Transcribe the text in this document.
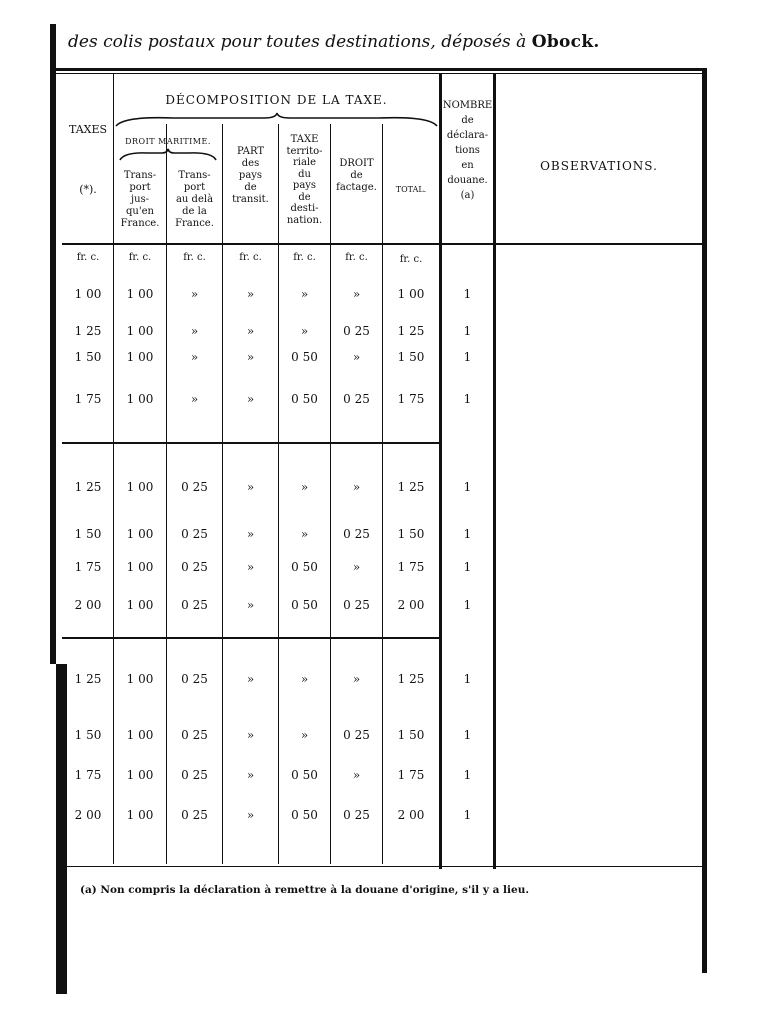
des colis postaux pour toutes destinations, déposés à Obock.
TAXES
(*).
DÉCOMPOSITION DE LA TAXE.
DROIT MARITIME.
Trans-
port
jus-
qu'en
France.
Trans-
port
au delà
de la
France.
PART
des
pays
de
transit.
TAXE
territo-
riale
du
pays
de
desti-
nation.
DROIT
de
factage.	TOTAL.
NOMBRE
de
déclara-
tions
en
douane.
(a)
OBSERVATIONS.
fr. c.	fr. c.	fr. c.	fr. c.	fr. c.	fr. c.	fr. c.
1 00	1 00	»	»	»	»	1 00	1
1 25	1 00	»	»	»	0 25	1 25	1
1 50	1 00	»	»	0 50	»	1 50	1
1 75	1 00	»	»	0 50	0 25	1 75	1
1 25	1 00	0 25	»	»	»	1 25	1
1 50	1 00	0 25	»	»	0 25	1 50	1
1 75	1 00	0 25	»	0 50	»	1 75	1
2 00	1 00	0 25	»	0 50	0 25	2 00	1
1 25	1 00	0 25	»	»	»	1 25	1
1 50	1 00	0 25	»	»	0 25	1 50	1
1 75	1 00	0 25	»	0 50	»	1 75	1
2 00	1 00	0 25	»	0 50	0 25	2 00	1
(a) Non compris la déclaration à remettre à la douane d'origine, s'il y a lieu.
